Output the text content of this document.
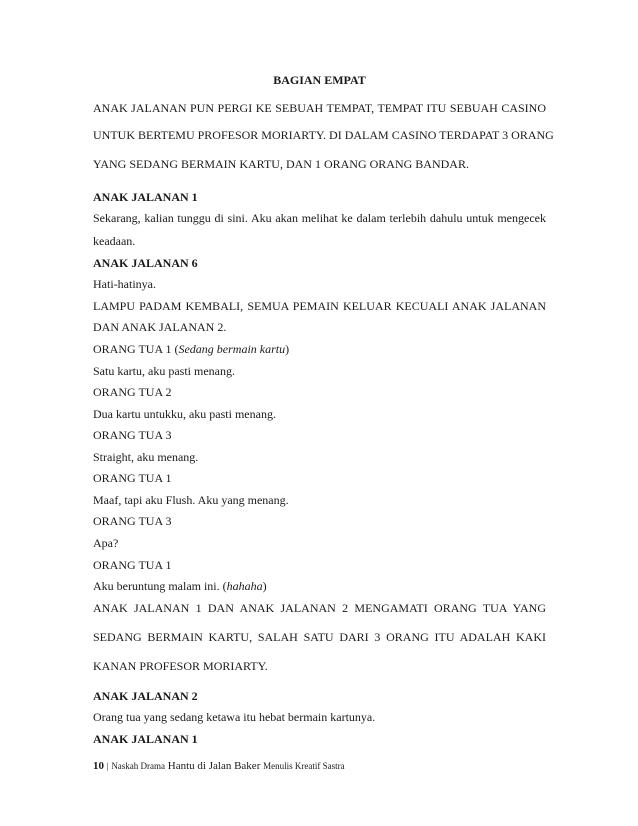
BAGIAN EMPAT

ANAK JALANAN PUN PERGI KE SEBUAH TEMPAT, TEMPAT ITU SEBUAH CASINO

UNTUK BERTEMU PROFESOR MORIARTY. DI DALAM CASINO TERDAPAT 3 ORANG

YANG SEDANG BERMAIN KARTU, DAN 1 ORANG ORANG BANDAR.

ANAK JALANAN 1

Sekarang, kalian tunggu di sini. Aku akan melihat ke dalam terlebih dahulu untuk mengecek

keadaan.

ANAK JALANAN 6

Hati-hatinya.

LAMPU PADAM KEMBALI, SEMUA PEMAIN KELUAR KECUALI ANAK JALANAN

DAN ANAK JALANAN 2.

ORANG TUA 1 (Sedang bermain kartu)

Satu kartu, aku pasti menang.

ORANG TUA 2

Dua kartu untukku, aku pasti menang.

ORANG TUA 3

Straight, aku menang.

ORANG TUA 1

Maaf, tapi aku Flush. Aku yang menang.

ORANG TUA 3

Apa?

ORANG TUA 1

Aku beruntung malam ini. (hahaha)

ANAK JALANAN 1 DAN ANAK JALANAN 2 MENGAMATI ORANG TUA YANG

SEDANG BERMAIN KARTU, SALAH SATU DARI 3 ORANG ITU ADALAH KAKI

KANAN PROFESOR MORIARTY.

ANAK JALANAN 2

Orang tua yang sedang ketawa itu hebat bermain kartunya.

ANAK JALANAN 1

10 | Naskah Drama Hantu di Jalan Baker Menulis Kreatif Sastra
